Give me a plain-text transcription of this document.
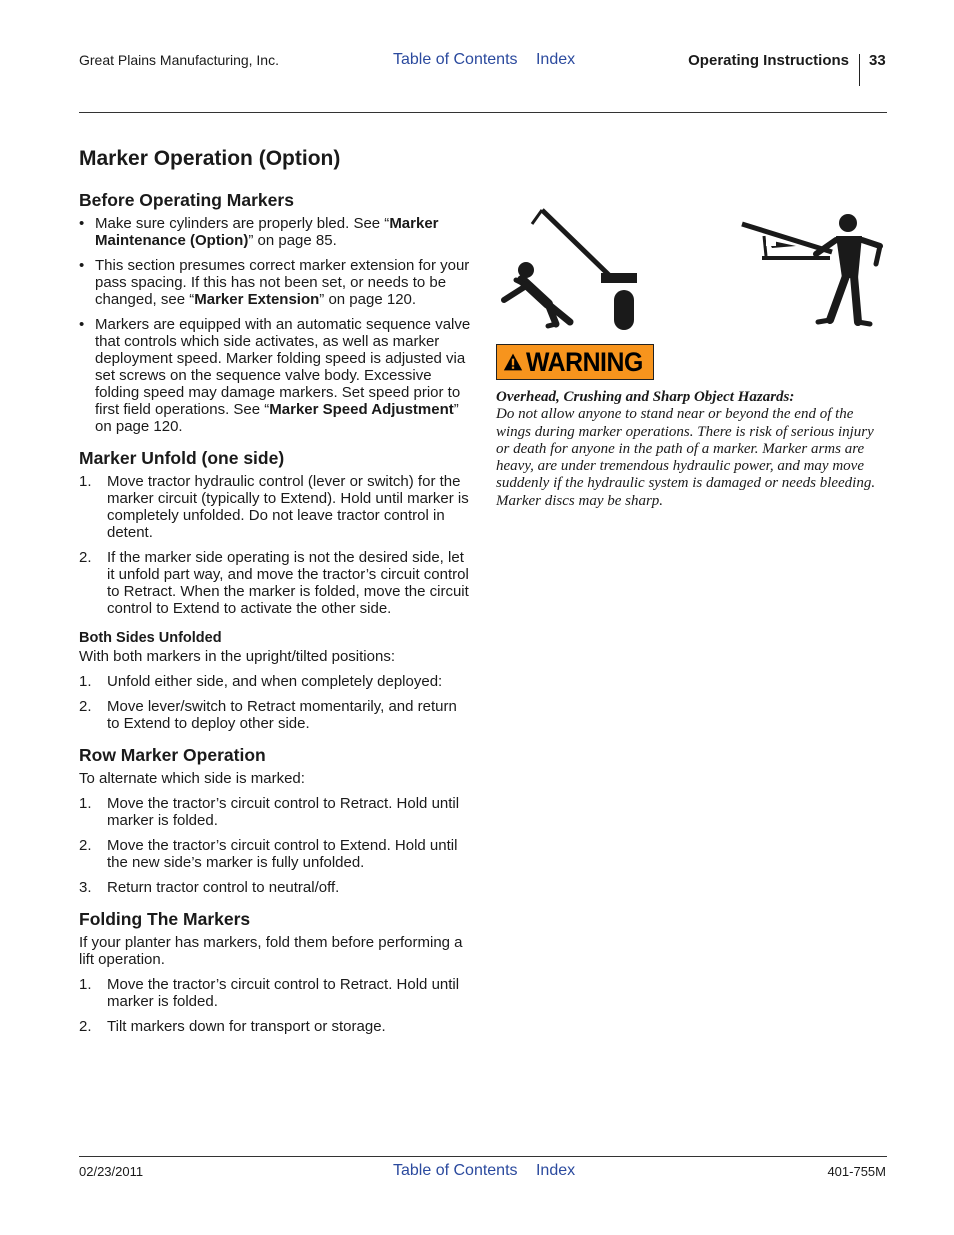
Great Plains Manufacturing, Inc.	Table of Contents Index	Operating Instructions 33
Marker Operation (Option)
Before Operating Markers
• Make sure cylinders are properly bled. See “Marker Maintenance (Option)” on page 85.
• This section presumes correct marker extension for your pass spacing. If this has not been set, or needs to be changed, see “Marker Extension” on page 120.
• Markers are equipped with an automatic sequence valve that controls which side activates, as well as marker deployment speed. Marker folding speed is adjusted via set screws on the sequence valve body. Excessive folding speed may damage markers. Set speed prior to first field operations. See “Marker Speed Adjustment” on page 120.
Marker Unfold (one side)
1. Move tractor hydraulic control (lever or switch) for the marker circuit (typically to Extend). Hold until marker is completely unfolded. Do not leave tractor control in detent.
2. If the marker side operating is not the desired side, let it unfold part way, and move the tractor’s circuit control to Retract. When the marker is folded, move the circuit control to Extend to activate the other side.
Both Sides Unfolded

With both markers in the upright/tilted positions:

1. Unfold either side, and when completely deployed:
2. Move lever/switch to Retract momentarily, and return to Extend to deploy other side.
Row Marker Operation

To alternate which side is marked:

1. Move the tractor’s circuit control to Retract. Hold until marker is folded.
2. Move the tractor’s circuit control to Extend. Hold until the new side’s marker is fully unfolded.
3. Return tractor control to neutral/off.
Folding The Markers

If your planter has markers, fold them before performing a lift operation.

1. Move the tractor’s circuit control to Retract. Hold until marker is folded.
2. Tilt markers down for transport or storage.
WARNING
Overhead, Crushing and Sharp Object Hazards:
Do not allow anyone to stand near or beyond the end of the wings during marker operations. There is risk of serious injury or death for anyone in the path of a marker. Marker arms are heavy, are under tremendous hydraulic power, and may move suddenly if the hydraulic system is damaged or needs bleeding. Marker discs may be sharp.
02/23/2011	Table of Contents Index	401-755M
